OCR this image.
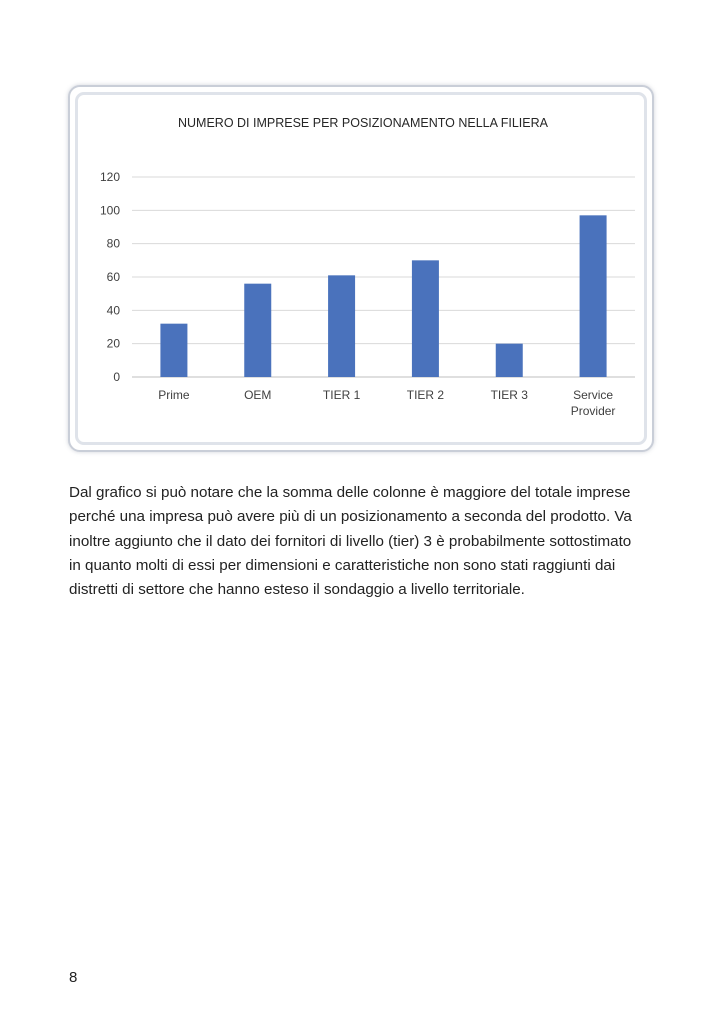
NUMERO DI IMPRESE PER POSIZIONAMENTO NELLA FILIERA
0
20
40
60
80
100
120
Prime	OEM	TIER 1	TIER 2	TIER 3	Service
Provider

Dal grafico si può notare che la somma delle colonne è maggiore del totale imprese
perché una impresa può avere più di un posizionamento a seconda del prodotto. Va
inoltre aggiunto che il dato dei fornitori di livello (tier) 3 è probabilmente sottostimato
in quanto molti di essi per dimensioni e caratteristiche non sono stati raggiunti dai
distretti di settore che hanno esteso il sondaggio a livello territoriale.

8
